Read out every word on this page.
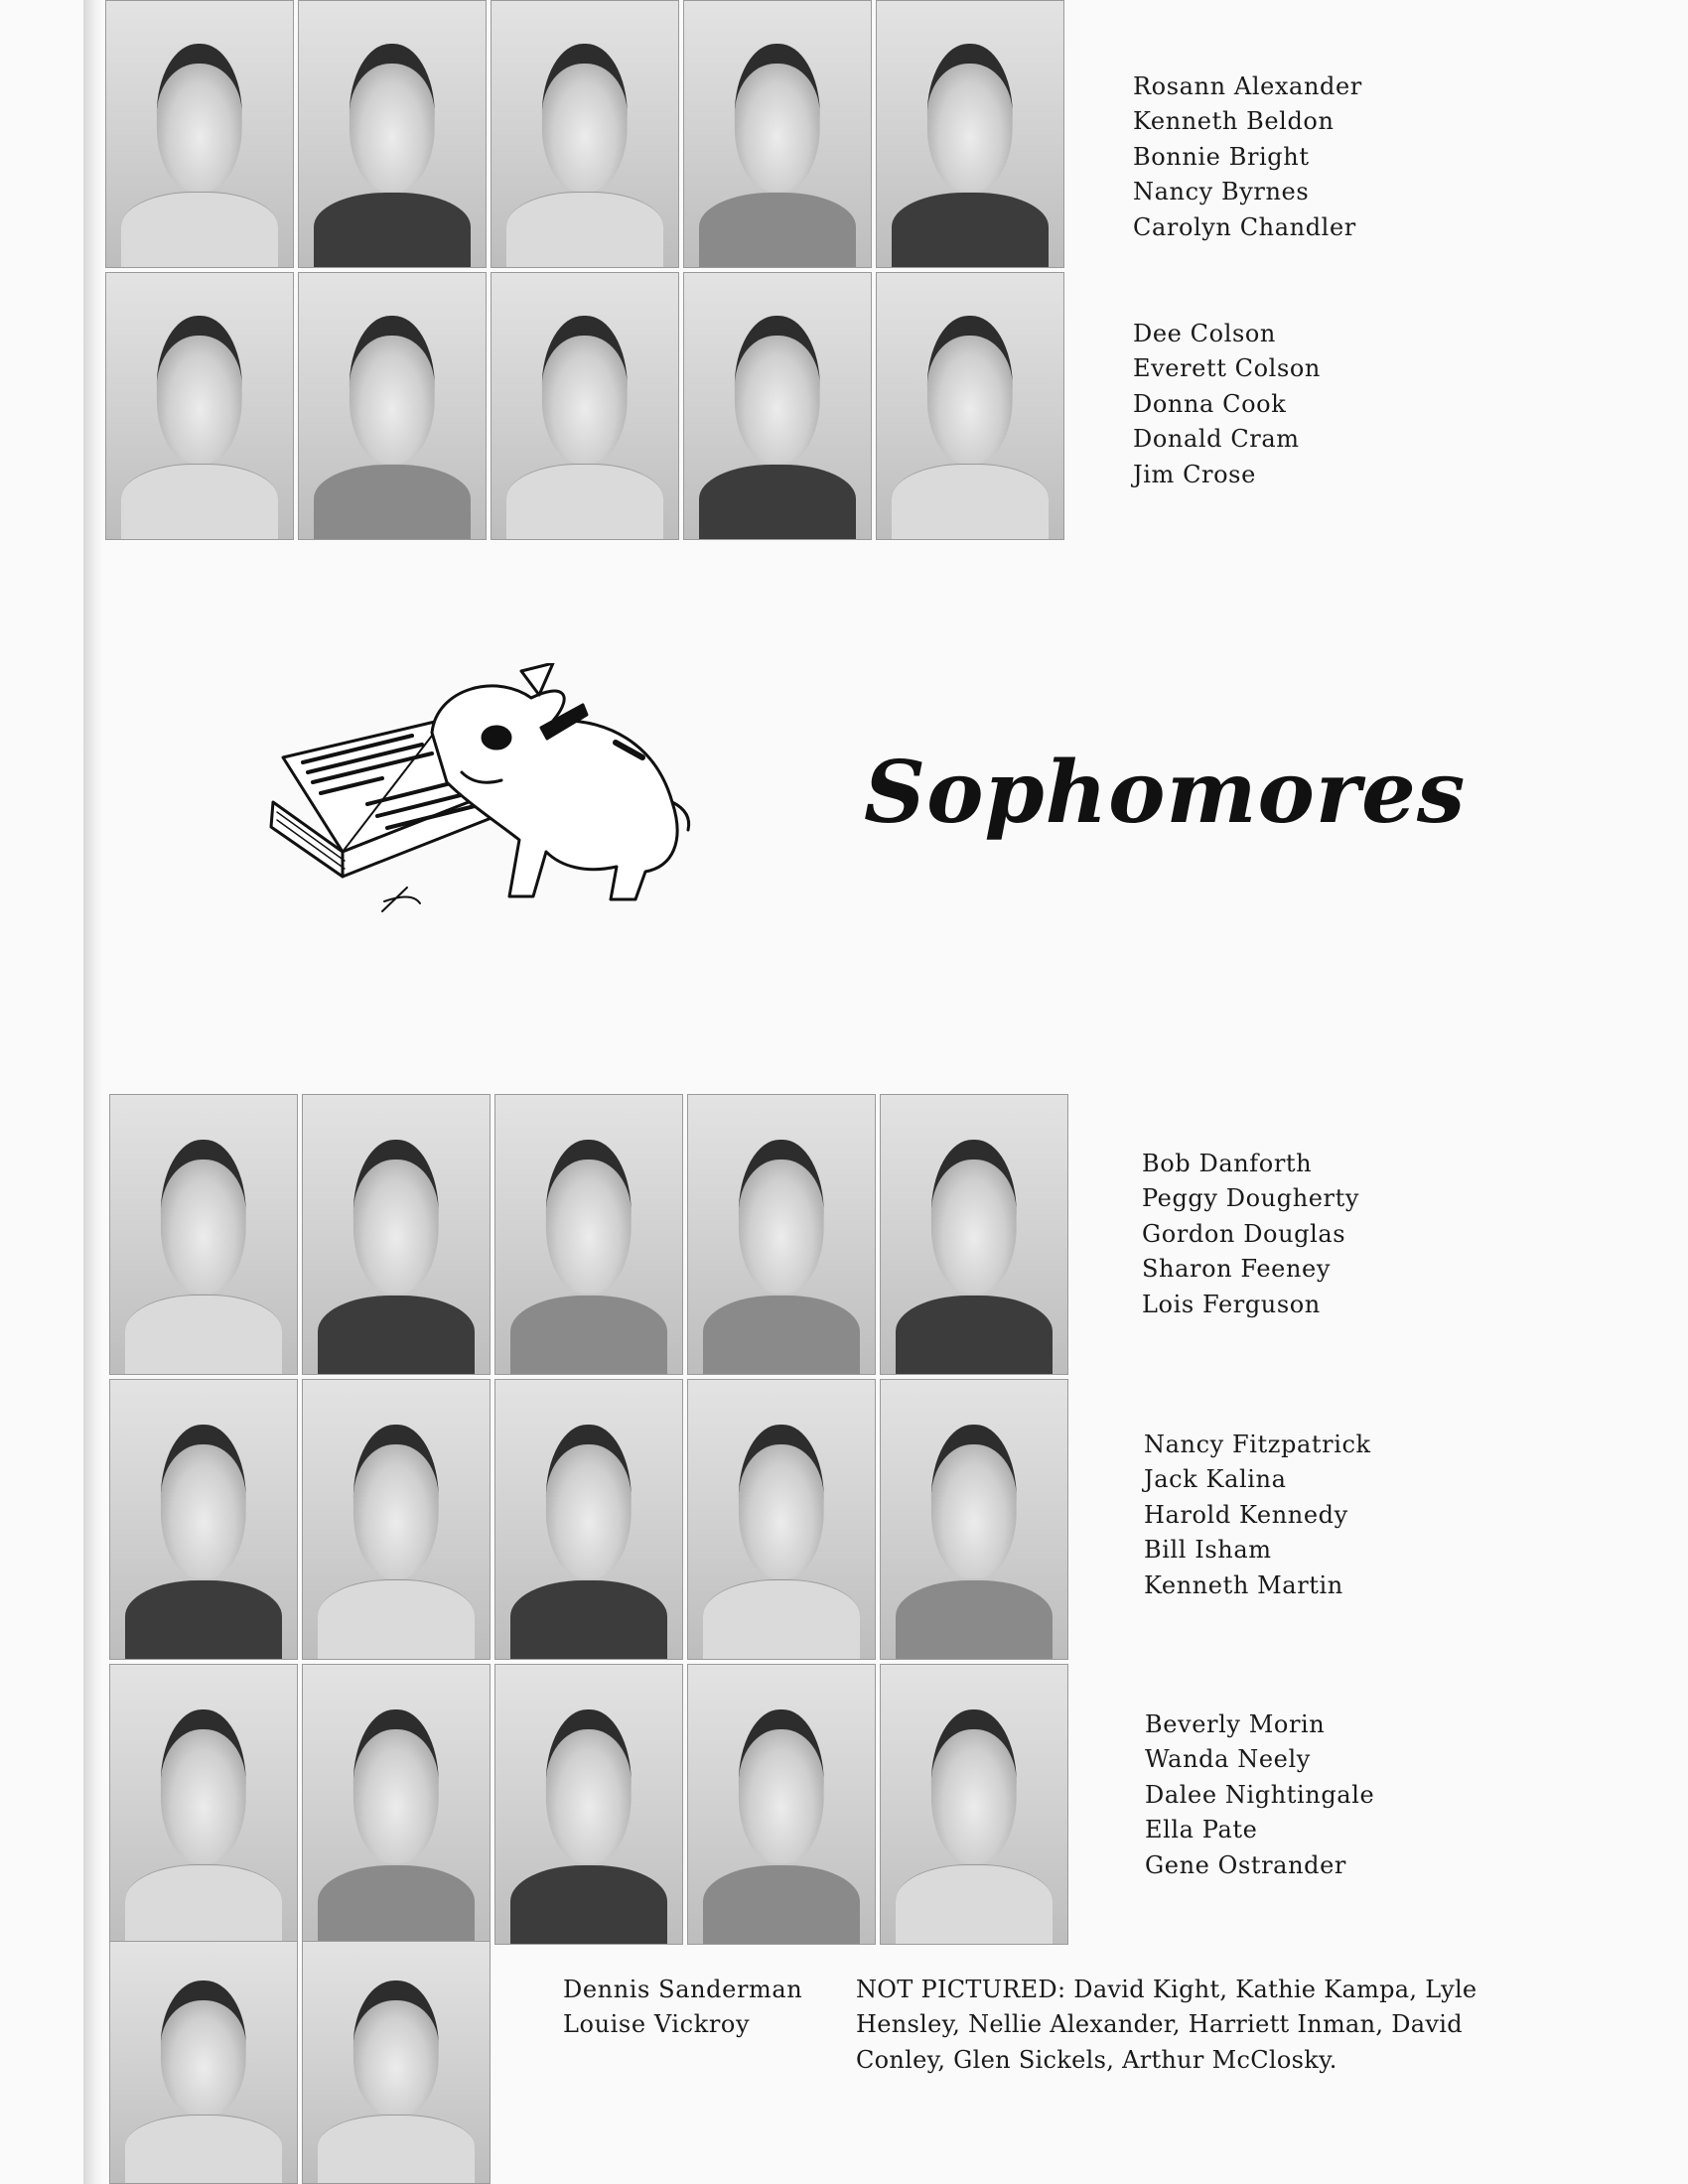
Rosann Alexander
Kenneth Beldon
Bonnie Bright
Nancy Byrnes
Carolyn Chandler
Dee Colson
Everett Colson
Donna Cook
Donald Cram
Jim Crose
Sophomores
Bob Danforth
Peggy Dougherty
Gordon Douglas
Sharon Feeney
Lois Ferguson
Nancy Fitzpatrick
Jack Kalina
Harold Kennedy
Bill Isham
Kenneth Martin
Beverly Morin
Wanda Neely
Dalee Nightingale
Ella Pate
Gene Ostrander
Dennis Sanderman
Louise Vickroy

NOT PICTURED: David Kight, Kathie Kampa, Lyle Hensley, Nellie Alexander, Harriett Inman, David Conley, Glen Sickels, Arthur McClosky.
